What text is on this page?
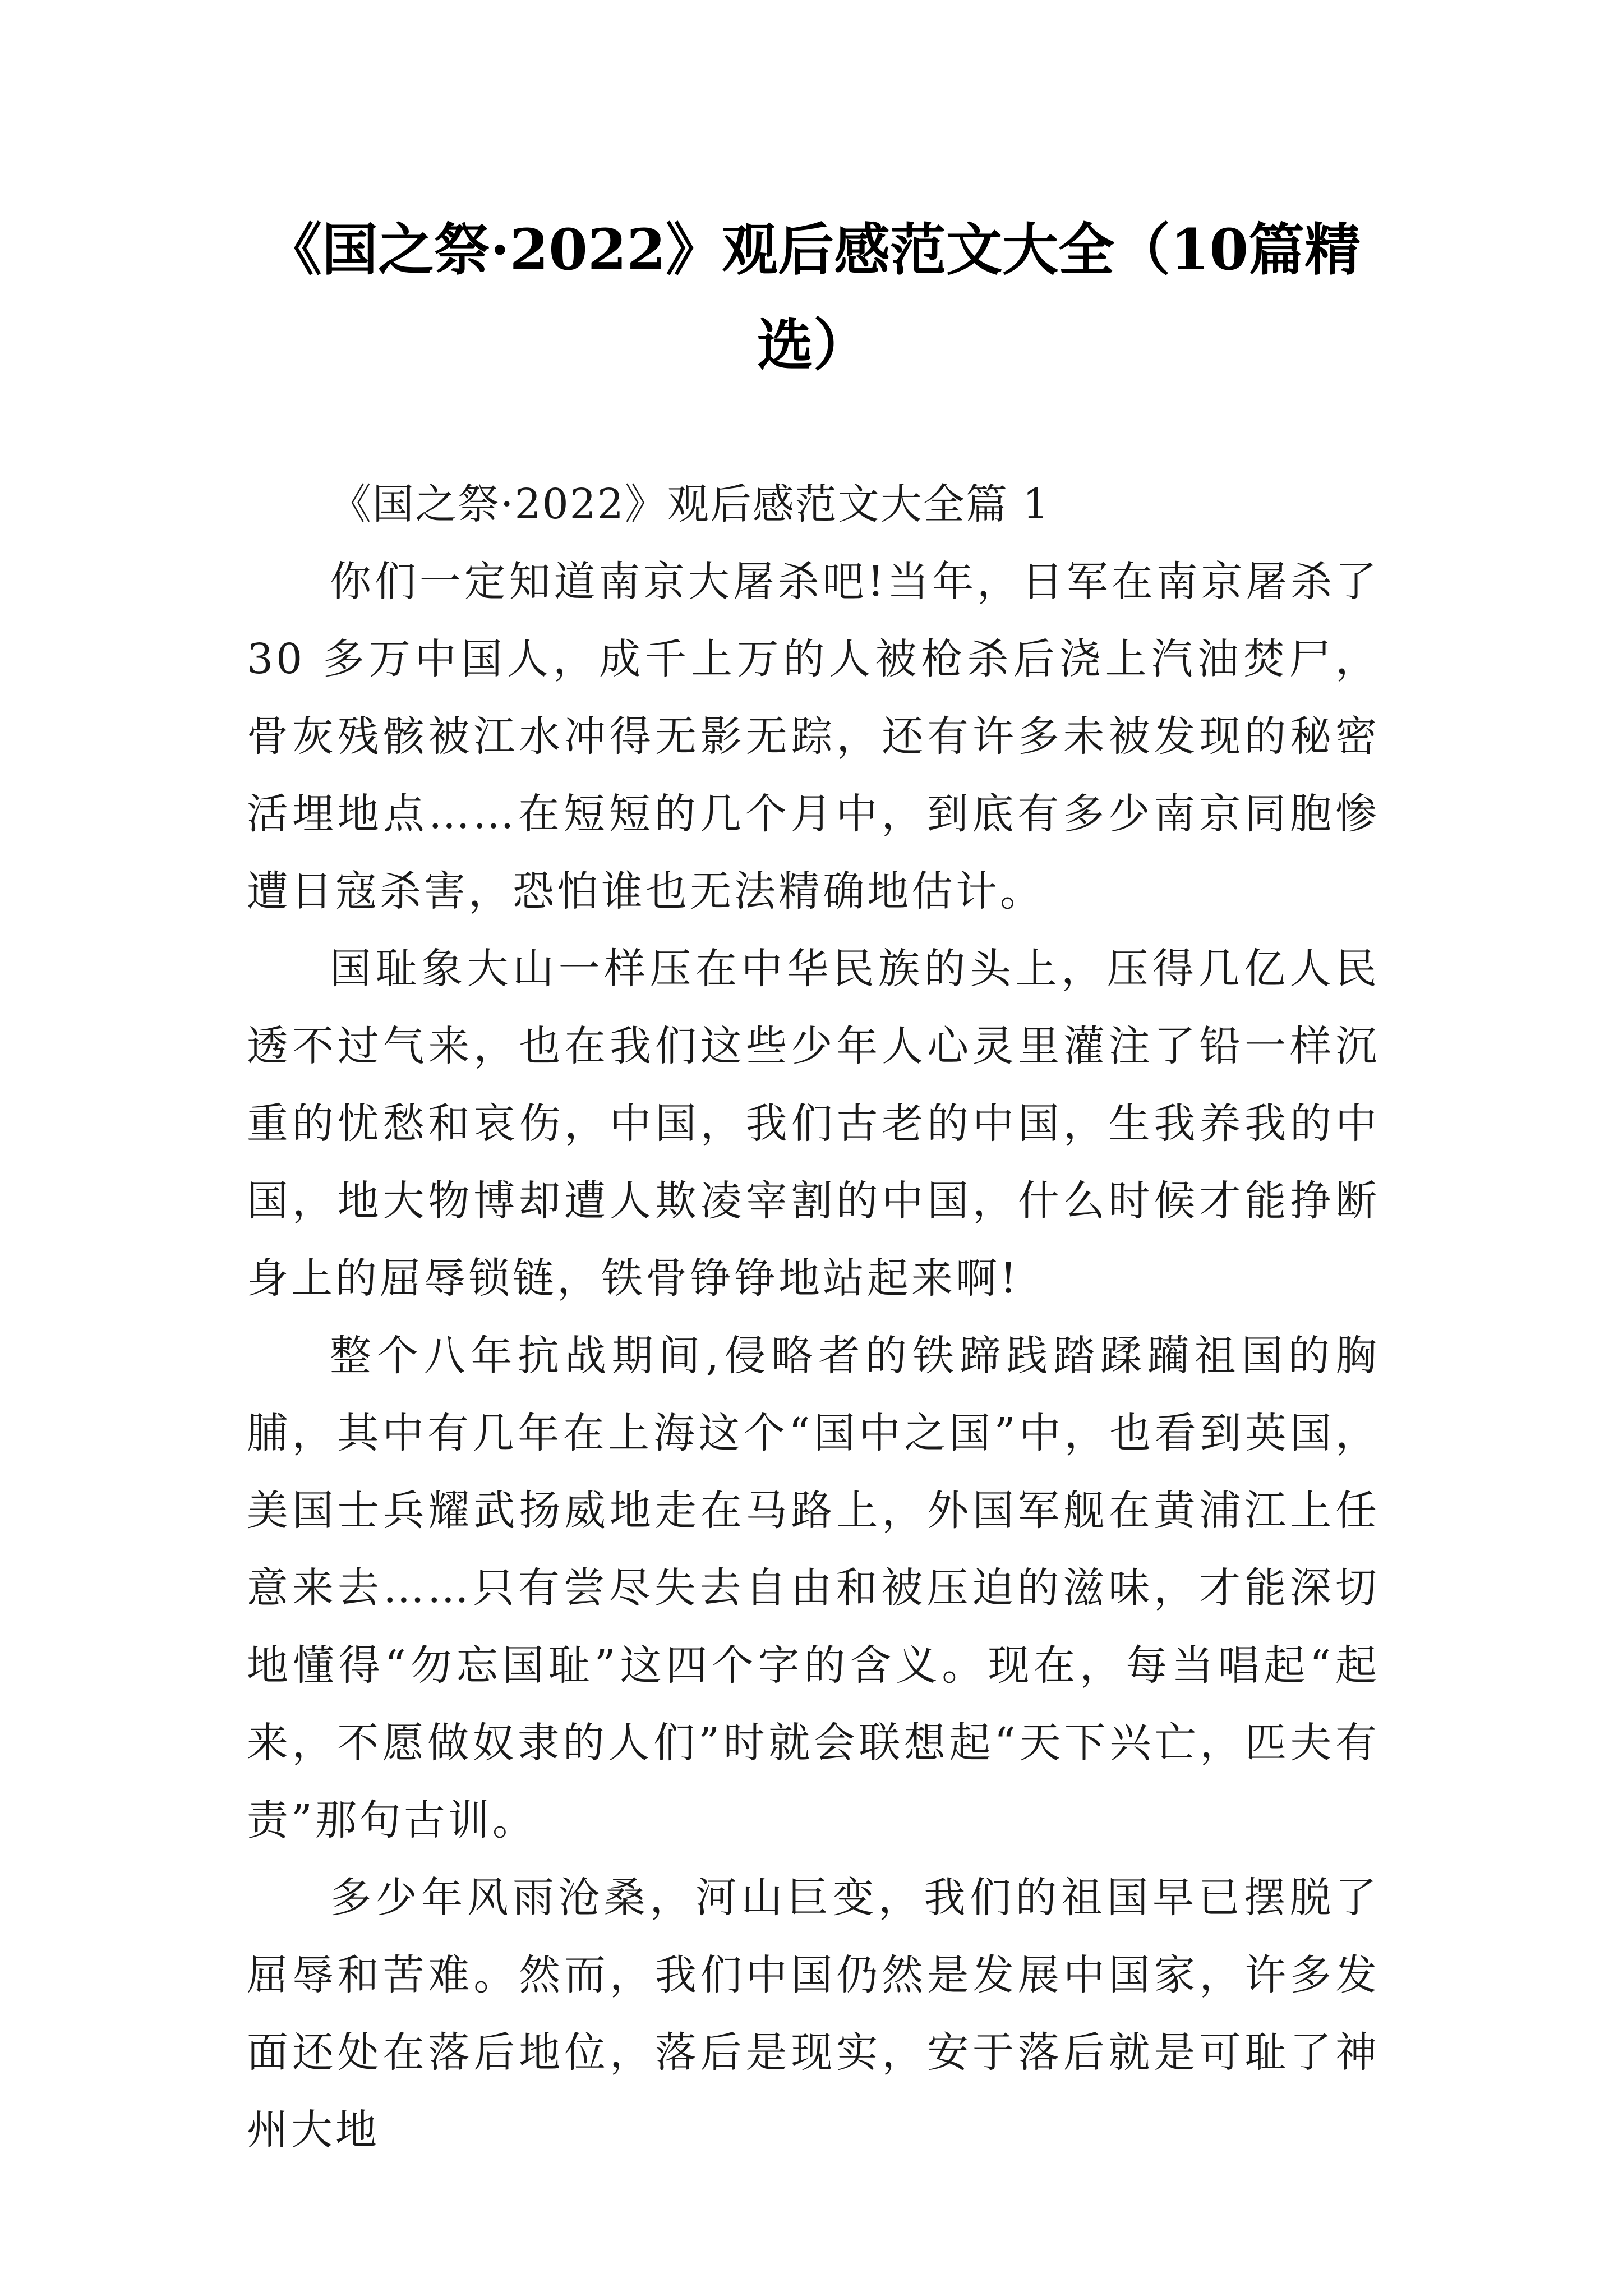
《国之祭·2022》观后感范文大全（10篇精选）

《国之祭·2022》观后感范文大全篇 1

你们一定知道南京大屠杀吧!当年，日军在南京屠杀了 30 多万中国人，成千上万的人被枪杀后浇上汽油焚尸，骨灰残骸被江水冲得无影无踪，还有许多未被发现的秘密活埋地点……在短短的几个月中，到底有多少南京同胞惨遭日寇杀害，恐怕谁也无法精确地估计。

国耻象大山一样压在中华民族的头上，压得几亿人民透不过气来，也在我们这些少年人心灵里灌注了铅一样沉重的忧愁和哀伤，中国，我们古老的中国，生我养我的中国，地大物博却遭人欺凌宰割的中国，什么时候才能挣断身上的屈辱锁链，铁骨铮铮地站起来啊!

整个八年抗战期间,侵略者的铁蹄践踏蹂躏祖国的胸脯，其中有几年在上海这个“国中之国”中，也看到英国，美国士兵耀武扬威地走在马路上，外国军舰在黄浦江上任意来去……只有尝尽失去自由和被压迫的滋味，才能深切地懂得“勿忘国耻”这四个字的含义。现在，每当唱起“起来，不愿做奴隶的人们”时就会联想起“天下兴亡，匹夫有责”那句古训。

多少年风雨沧桑，河山巨变，我们的祖国早已摆脱了屈辱和苦难。然而，我们中国仍然是发展中国家，许多发面还处在落后地位，落后是现实，安于落后就是可耻了神州大地
